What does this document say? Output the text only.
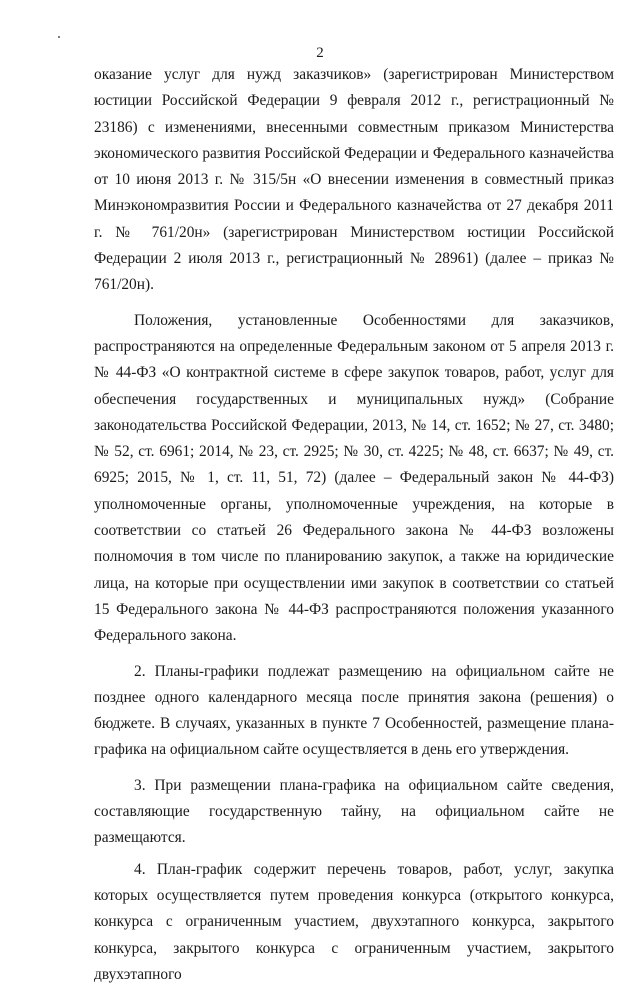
2

оказание услуг для нужд заказчиков» (зарегистрирован Министерством юстиции Российской Федерации 9 февраля 2012 г., регистрационный № 23186) с изменениями, внесенными совместным приказом Министерства экономического развития Российской Федерации и Федерального казначейства от 10 июня 2013 г. № 315/5н «О внесении изменения в совместный приказ Минэкономразвития России и Федерального казначейства от 27 декабря 2011 г. № 761/20н» (зарегистрирован Министерством юстиции Российской Федерации 2 июля 2013 г., регистрационный № 28961) (далее – приказ № 761/20н).

Положения, установленные Особенностями для заказчиков, распространяются на определенные Федеральным законом от 5 апреля 2013 г. № 44-ФЗ «О контрактной системе в сфере закупок товаров, работ, услуг для обеспечения государственных и муниципальных нужд» (Собрание законодательства Российской Федерации, 2013, № 14, ст. 1652; № 27, ст. 3480; № 52, ст. 6961; 2014, № 23, ст. 2925; № 30, ст. 4225; № 48, ст. 6637; № 49, ст. 6925; 2015, № 1, ст. 11, 51, 72) (далее – Федеральный закон № 44-ФЗ) уполномоченные органы, уполномоченные учреждения, на которые в соответствии со статьей 26 Федерального закона № 44-ФЗ возложены полномочия в том числе по планированию закупок, а также на юридические лица, на которые при осуществлении ими закупок в соответствии со статьей 15 Федерального закона № 44-ФЗ распространяются положения указанного Федерального закона.

2. Планы-графики подлежат размещению на официальном сайте не позднее одного календарного месяца после принятия закона (решения) о бюджете. В случаях, указанных в пункте 7 Особенностей, размещение плана-графика на официальном сайте осуществляется в день его утверждения.

3. При размещении плана-графика на официальном сайте сведения, составляющие государственную тайну, на официальном сайте не размещаются.

4. План-график содержит перечень товаров, работ, услуг, закупка которых осуществляется путем проведения конкурса (открытого конкурса, конкурса с ограниченным участием, двухэтапного конкурса, закрытого конкурса, закрытого конкурса с ограниченным участием, закрытого двухэтапного
